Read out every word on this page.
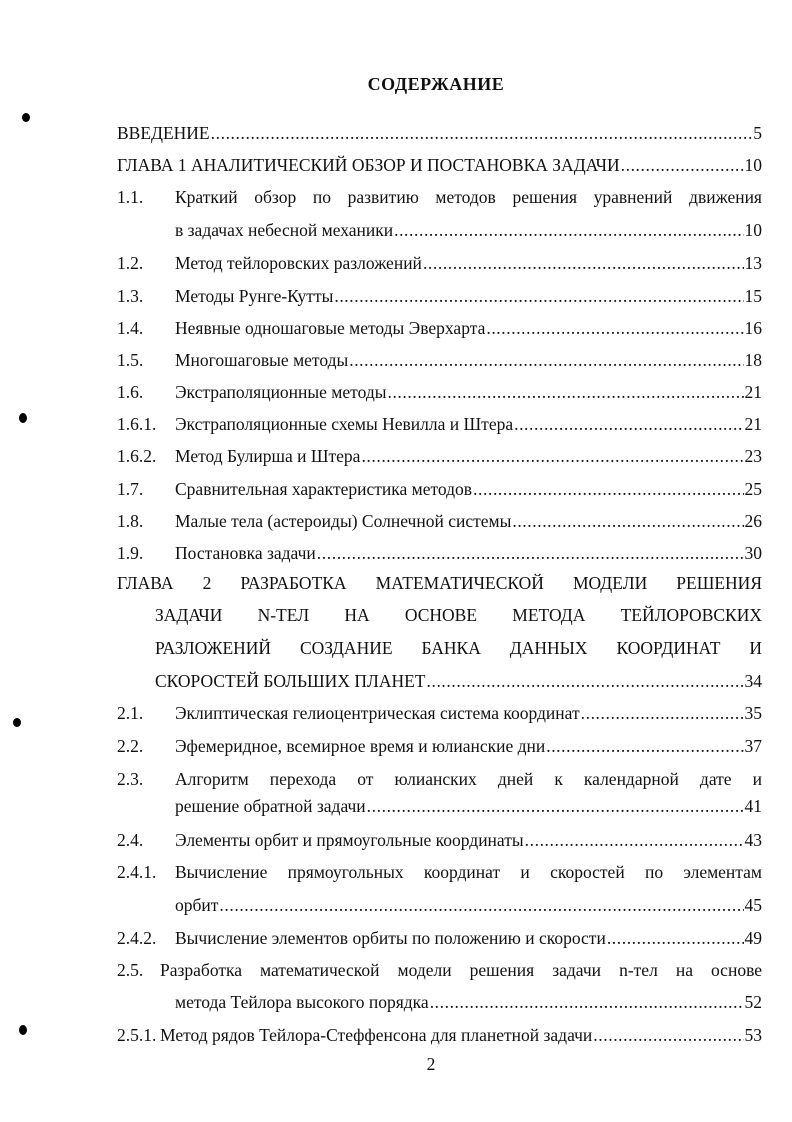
СОДЕРЖАНИЕ
ВВЕДЕНИЕ .....	5
ГЛАВА 1 АНАЛИТИЧЕСКИЙ ОБЗОР И ПОСТАНОВКА ЗАДАЧИ .....	10
1.1. Краткий обзор по развитию методов решения уравнений движения
в задачах небесной механики .....	10
1.2. Метод тейлоровских разложений .....	13
1.3. Методы Рунге-Кутты .....	15
1.4. Неявные одношаговые методы Эверхарта .....	16
1.5. Многошаговые методы .....	18
1.6. Экстраполяционные методы .....	21
1.6.1. Экстраполяционные схемы Невилла и Штера .....	21
1.6.2. Метод Булирша и Штера .....	23
1.7. Сравнительная характеристика методов .....	25
1.8. Малые тела (астероиды) Солнечной системы .....	26
1.9. Постановка задачи .....	30
ГЛАВА 2 РАЗРАБОТКА МАТЕМАТИЧЕСКОЙ МОДЕЛИ РЕШЕНИЯ
ЗАДАЧИ N-ТЕЛ НА ОСНОВЕ МЕТОДА ТЕЙЛОРОВСКИХ
РАЗЛОЖЕНИЙ СОЗДАНИЕ БАНКА ДАННЫХ КООРДИНАТ И
СКОРОСТЕЙ БОЛЬШИХ ПЛАНЕТ .....	34
2.1. Эклиптическая гелиоцентрическая система координат .....	35
2.2. Эфемеридное, всемирное время и юлианские дни .....	37
2.3. Алгоритм перехода от юлианских дней к календарной дате и
решение обратной задачи .....	41
2.4. Элементы орбит и прямоугольные координаты .....	43
2.4.1. Вычисление прямоугольных координат и скоростей по элементам
орбит .....	45
2.4.2. Вычисление элементов орбиты по положению и скорости .....	49
2.5. Разработка математической модели решения задачи n-тел на основе
метода Тейлора высокого порядка .....	52
2.5.1. Метод рядов Тейлора-Стеффенсона для планетной задачи .....	53
2
